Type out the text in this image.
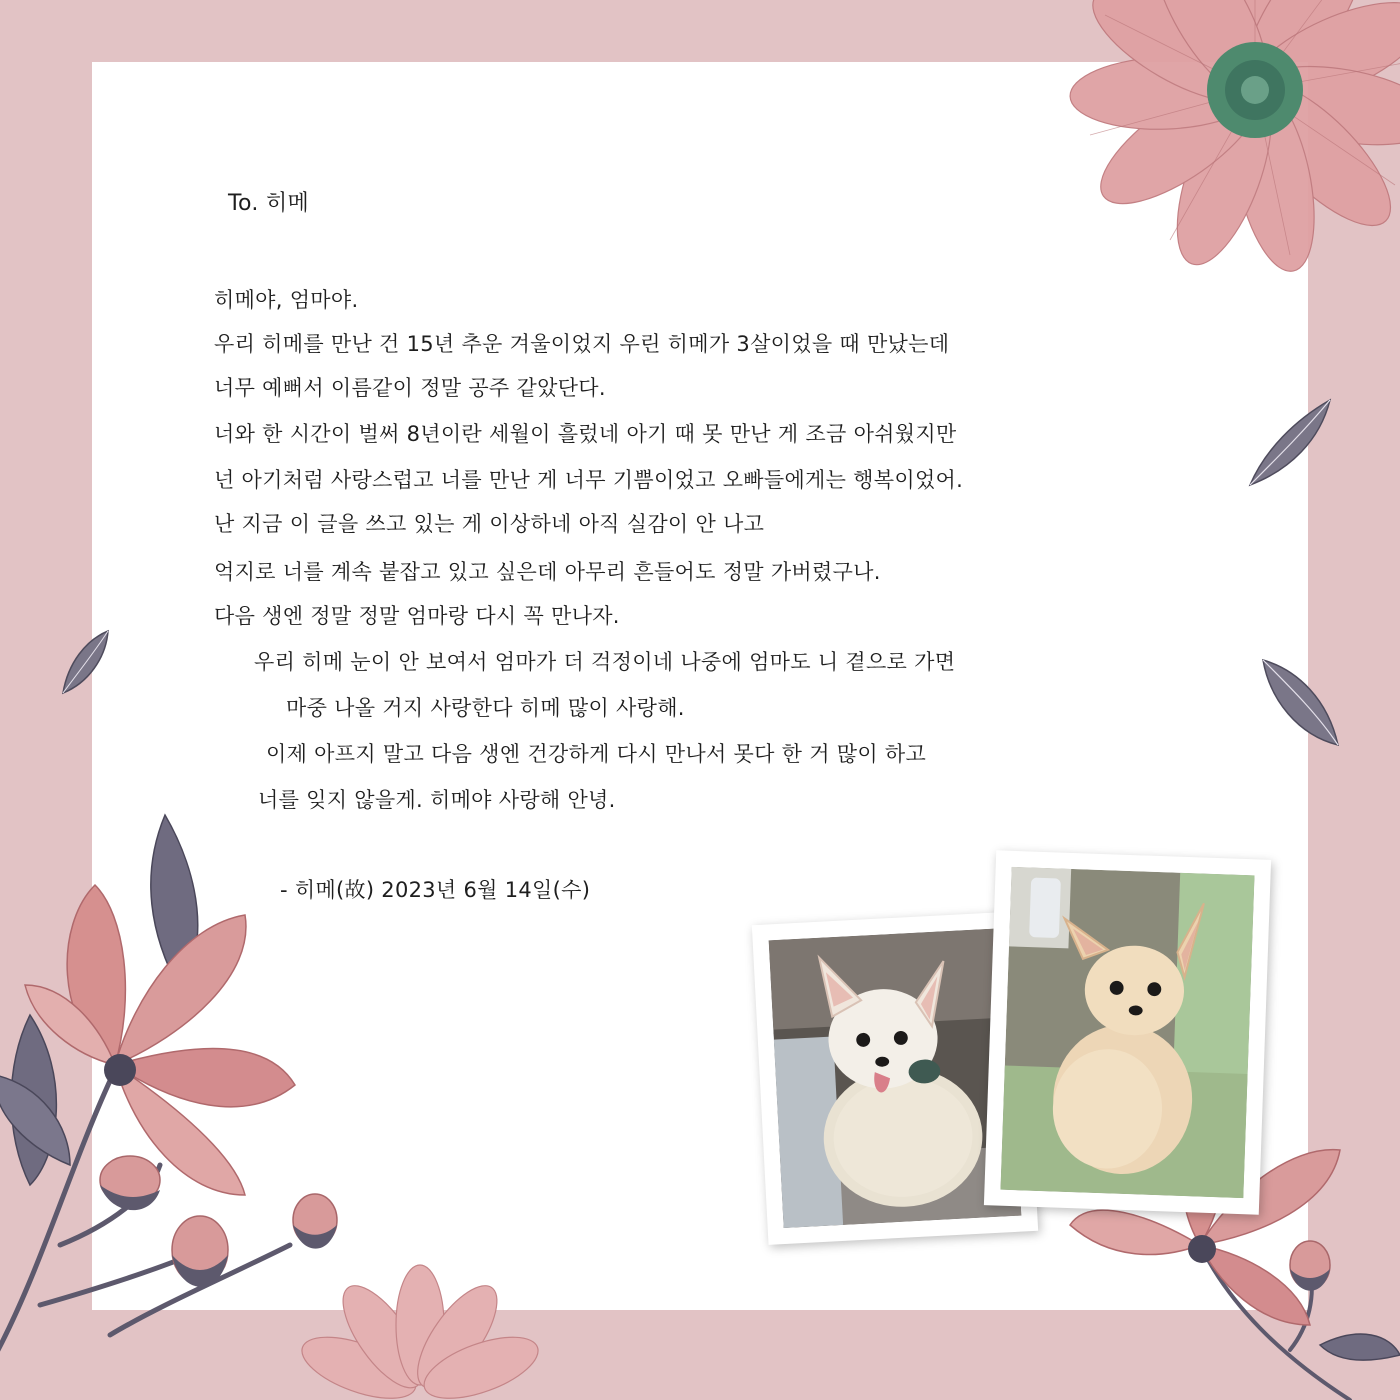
To. 히메
히메야, 엄마야.
우리 히메를 만난 건 15년 추운 겨울이었지 우린 히메가 3살이었을 때 만났는데
너무 예뻐서 이름같이 정말 공주 같았단다.
너와 한 시간이 벌써 8년이란 세월이 흘렀네 아기 때 못 만난 게 조금 아쉬웠지만
넌 아기처럼 사랑스럽고 너를 만난 게 너무 기쁨이었고 오빠들에게는 행복이었어.
난 지금 이 글을 쓰고 있는 게 이상하네 아직 실감이 안 나고
억지로 너를 계속 붙잡고 있고 싶은데 아무리 흔들어도 정말 가버렸구나.
다음 생엔 정말 정말 엄마랑 다시 꼭 만나자.
우리 히메 눈이 안 보여서 엄마가 더 걱정이네 나중에 엄마도 니 곁으로 가면
마중 나올 거지 사랑한다 히메 많이 사랑해.
이제 아프지 말고 다음 생엔 건강하게 다시 만나서 못다 한 거 많이 하고
너를 잊지 않을게. 히메야 사랑해 안녕.
- 히메(故) 2023년 6월 14일(수)
